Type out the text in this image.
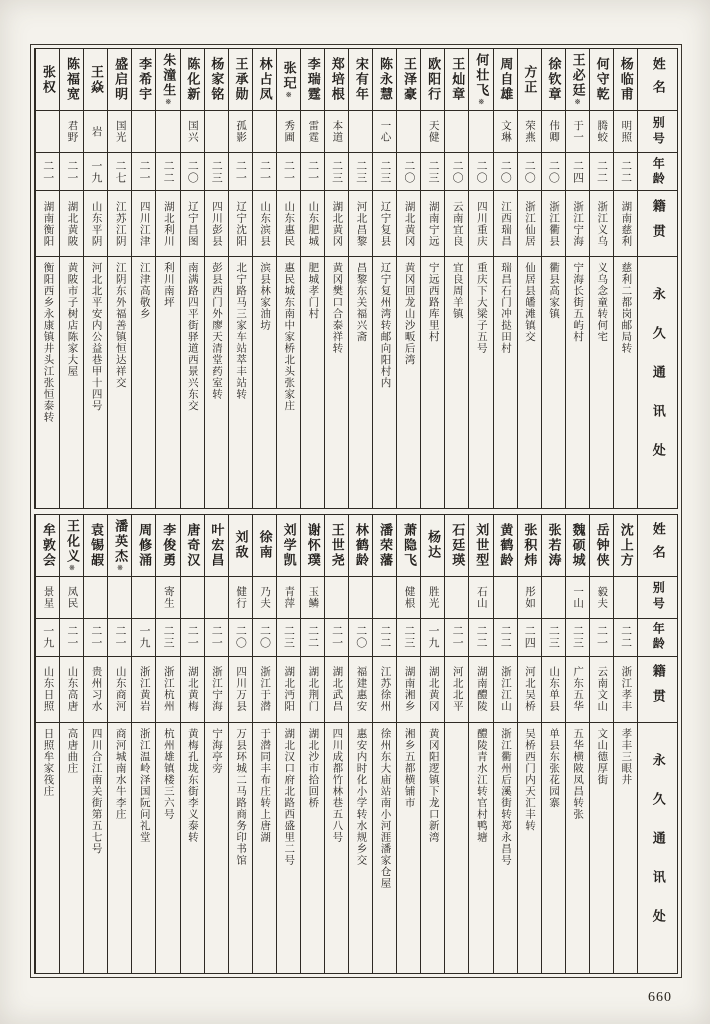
姓名
别号
年龄
籍贯
永久通讯处
杨临甫
明照
二二
湖南慈利
慈利二都岗邮局转
何守乾
腾蛟
二二
浙江义乌
义乌念童转何宅
王必廷※
于一
二四
浙江宁海
宁海长街五屿村
徐钦章
伟卿
二〇
浙江衢县
衢县高家镇
方正
荣燕
二〇
浙江仙居
仙居县皤滩镇交
周自雄
文琳
二〇
江西瑞昌
瑞昌石门冲挞田村
何壮飞※
二〇
四川重庆
重庆下大梁子五号
王灿章
二〇
云南宜良
宜良周羊镇
欧阳行
天健
二三
湖南宁远
宁远西路库里村
王泽豪
二〇
湖北黄冈
黄冈回龙山沙畈后湾
陈永慧
一心
二三
辽宁复县
辽宁复州湾转邮向阳村内
宋有年
二三
河北昌黎
昌黎东关福兴斋
郑培根
本道
二三
湖北黄冈
黄冈樊口合泰祥转
李瑞霆
雷霆
二一
山东肥城
肥城孝门村
张玘※
秀圃
二一
山东惠民
惠民城东南中家桥北头张家庄
林占凤
二一
山东滨县
滨县林家油坊
王承勋
孤影
二一
辽宁沈阳
北宁路马三家车站萃丰站转
杨家铭
二三
四川彭县
彭县西门外廖天清堂药室转
陈化新
国兴
二〇
辽宁昌图
南满路四平街驿道西景兴东交
朱潼生※
二二
湖北利川
利川南坪
李希宇
二一
四川江津
江津高敬乡
盛启明
国光
二七
江苏江阴
江阴东外福善镇恒达祥交
王焱
岩
一九
山东平阴
河北北平安内公益巷甲十四号
陈福宽
君野
二一
湖北黄陂
黄陂市子树店陈家大屋
张权
二一
湖南衡阳
衡阳西乡永康镇井头江张恒泰转
姓名
别号
年龄
籍贯
永久通讯处
沈上方
二二
浙江孝丰
孝丰三眼井
岳钟侠
毅夫
二一
云南文山
文山德厚街
魏硕城
一山
二三
广东五华
五华横陂凤昌转张
张若涛
二三
山东单县
单县东张花园寨
张积炜
彤如
二四
河北吴桥
吴桥西门内天汇丰转
黄鹤龄
二二
浙江江山
浙江衢州后溪街转郑永昌号
刘世型
石山
二二
湖南醴陵
醴陵青水江转官村鸭塘
石廷瑛
二一
河北北平
杨达
胜光
一九
湖北黄冈
黄冈阳逻镇下龙口新湾
萧隐飞
健根
二三
湖南湘乡
湘乡五都横铺市
潘荣藩
二二
江苏徐州
徐州东大庙站南小河涯潘家仓屋
林鹤龄
二〇
福建惠安
惠安内时化小学转水规乡交
王世尧
二一
湖北武昌
四川成都竹林巷五八号
谢怀璞
玉鳞
二二
湖北荆门
湖北沙市拾回桥
刘学凯
青萍
二三
湖北沔阳
湖北汉口府北路西盛里二号
徐南
乃夫
二〇
浙江于潜
于潜同丰布庄转上唐湖
刘敌
健行
二〇
四川万县
万县环城二马路商务印书馆
叶宏昌
二一
浙江宁海
宁海亭旁
唐奇汉
二一
湖北黄梅
黄梅孔垅东街李义泰转
李俊勇
寄生
二三
浙江杭州
杭州雄镇楼三六号
周修涌
一九
浙江黄岩
浙江温岭泽国阮问礼堂
潘英杰※
二一
山东商河
商河城南水牛李庄
袁锡嘏
二一
贵州习水
四川合江南关街第五七号
王化义※
凤民
二一
山东高唐
高唐曲庄
牟敦会
景星
一九
山东日照
日照牟家筏庄
660
